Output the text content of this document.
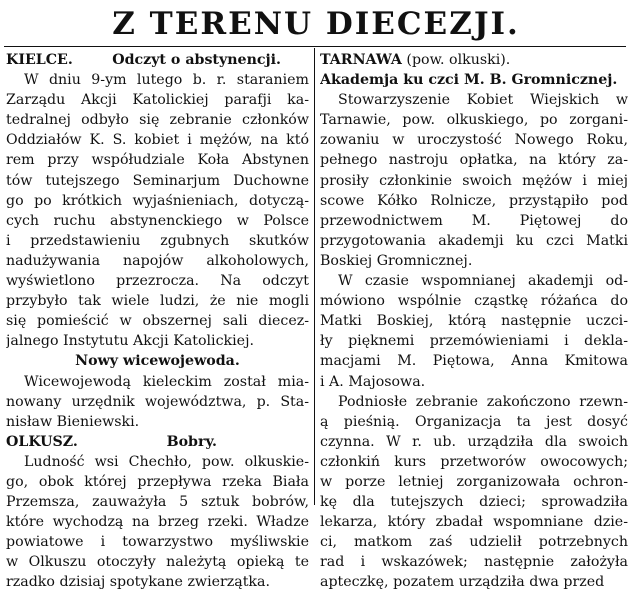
Z TERENU DIECEZJI.
KIELCE.	Odczyt o abstynencji.
W dniu 9-ym lutego b. r. staraniem
Zarządu Akcji Katolickiej parafji ka-
tedralnej odbyło się zebranie członków
Oddziałów K. S. kobiet i mężów, na któ
rem przy współudziale Koła Abstynen
tów tutejszego Seminarjum Duchowne
go po krótkich wyjaśnieniach, dotyczą-
cych ruchu abstynenckiego w Polsce
i przedstawieniu zgubnych skutków
nadużywania napojów alkoholowych,
wyświetlono przezrocza. Na odczyt
przybyło tak wiele ludzi, że nie mogli
się pomieścić w obszernej sali diecez-
jalnego Instytutu Akcji Katolickiej.
Nowy wicewojewoda.
Wicewojewodą kieleckim został mia-
nowany urzędnik województwa, p. Sta-
nisław Bieniewski.
OLKUSZ.	Bobry.
Ludność wsi Chechło, pow. olkuskie-
go, obok której przepływa rzeka Biała
Przemsza, zauważyła 5 sztuk bobrów,
które wychodzą na brzeg rzeki. Władze
powiatowe i towarzystwo myśliwskie
w Olkuszu otoczyły należytą opieką te
rzadko dzisiaj spotykane zwierzątka.
TARNAWA (pow. olkuski).
Akademja ku czci M. B. Gromnicznej.
Stowarzyszenie Kobiet Wiejskich w
Tarnawie, pow. olkuskiego, po zorgani-
zowaniu w uroczystość Nowego Roku,
pełnego nastroju opłatka, na który za-
prosiły członkinie swoich mężów i miej
scowe Kółko Rolnicze, przystąpiło pod
przewodnictwem M. Piętowej do
przygotowania akademji ku czci Matki
Boskiej Gromnicznej.
W czasie wspomnianej akademji od-
mówiono wspólnie cząstkę różańca do
Matki Boskiej, którą następnie uczci-
ły pięknemi przemówieniami i dekla-
macjami M. Piętowa, Anna Kmitowa
i A. Majosowa.
Podniosłe zebranie zakończono rzewn-
ą pieśnią. Organizacja ta jest dosyć
czynna. W r. ub. urządziła dla swoich
członkiń kurs przetworów owocowych;
w porze letniej zorganizowała ochron-
kę dla tutejszych dzieci; sprowadziła
lekarza, który zbadał wspomniane dzie-
ci, matkom zaś udzielił potrzebnych
rad i wskazówek; następnie założyła
apteczkę, pozatem urządziła dwa przed
